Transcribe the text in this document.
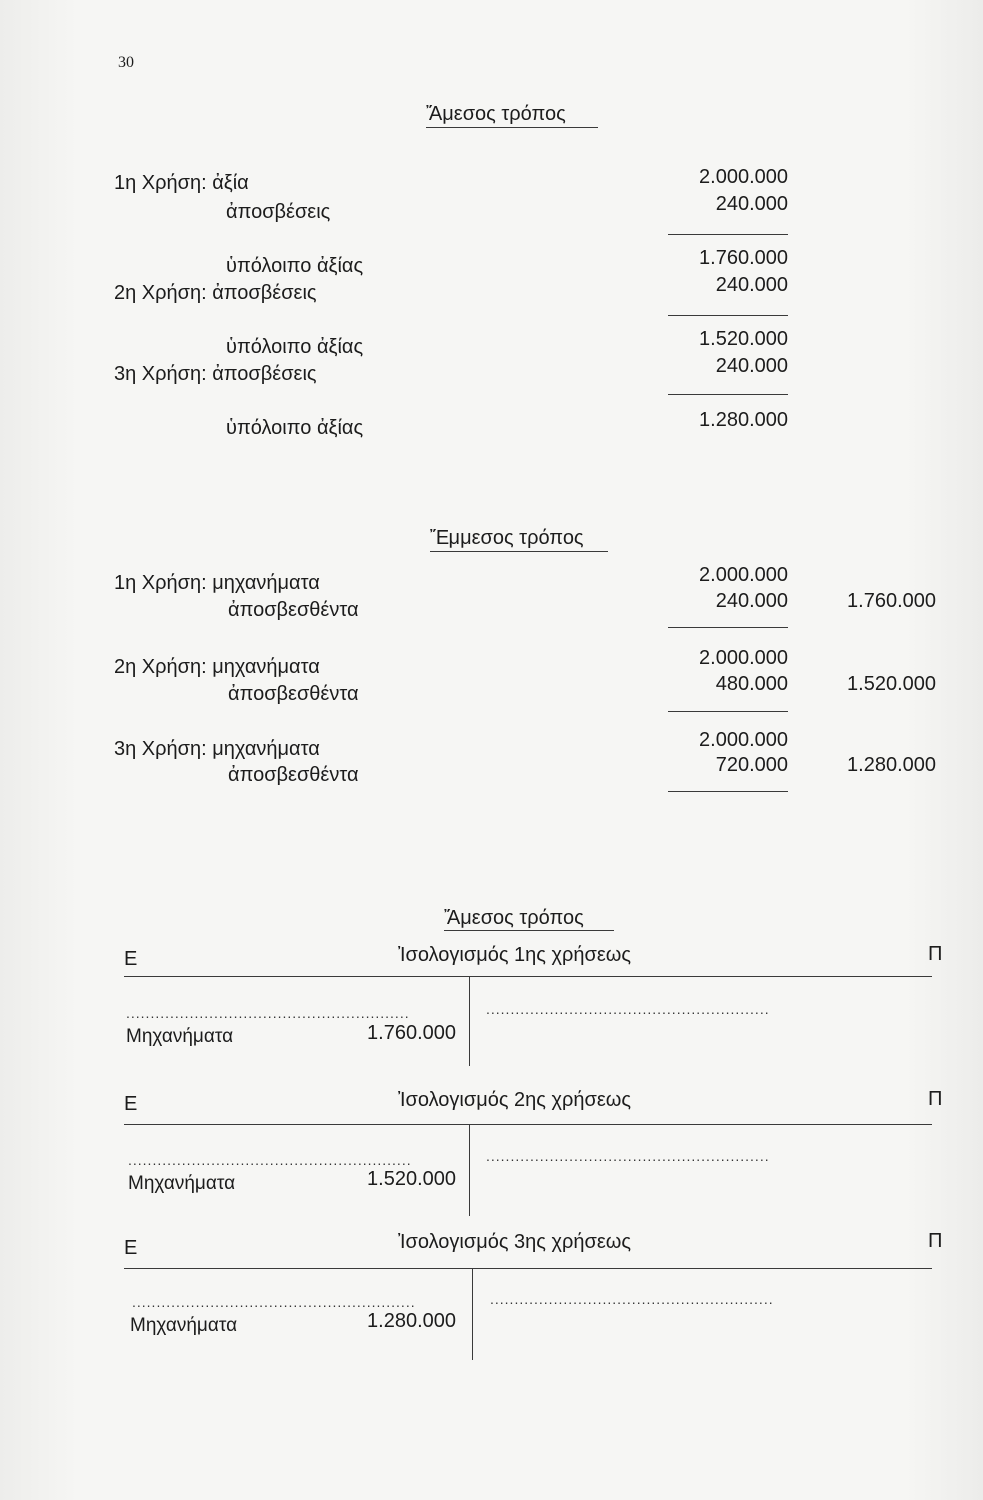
30
Ἄμεσος τρόπος
1η Χρήση: ἀξία	2.000.000
ἀποσβέσεις	240.000
ὑπόλοιπο ἀξίας	1.760.000
2η Χρήση: ἀποσβέσεις	240.000
ὑπόλοιπο ἀξίας	1.520.000
3η Χρήση: ἀποσβέσεις	240.000
ὑπόλοιπο ἀξίας	1.280.000
Ἔμμεσος τρόπος
1η Χρήση: μηχανήματα	2.000.000
ἀποσβεσθέντα	240.000	1.760.000
2η Χρήση: μηχανήματα	2.000.000
ἀποσβεσθέντα	480.000	1.520.000
3η Χρήση: μηχανήματα	2.000.000
ἀποσβεσθέντα	720.000	1.280.000
Ἄμεσος τρόπος
Ε	Ἰσολογισμός 1ης χρήσεως	Π
..........................................................	..........................................................
Μηχανήματα	1.760.000
Ε	Ἰσολογισμός 2ης χρήσεως	Π
..........................................................	..........................................................
Μηχανήματα	1.520.000
Ε	Ἰσολογισμός 3ης χρήσεως	Π
..........................................................	..........................................................
Μηχανήματα	1.280.000
